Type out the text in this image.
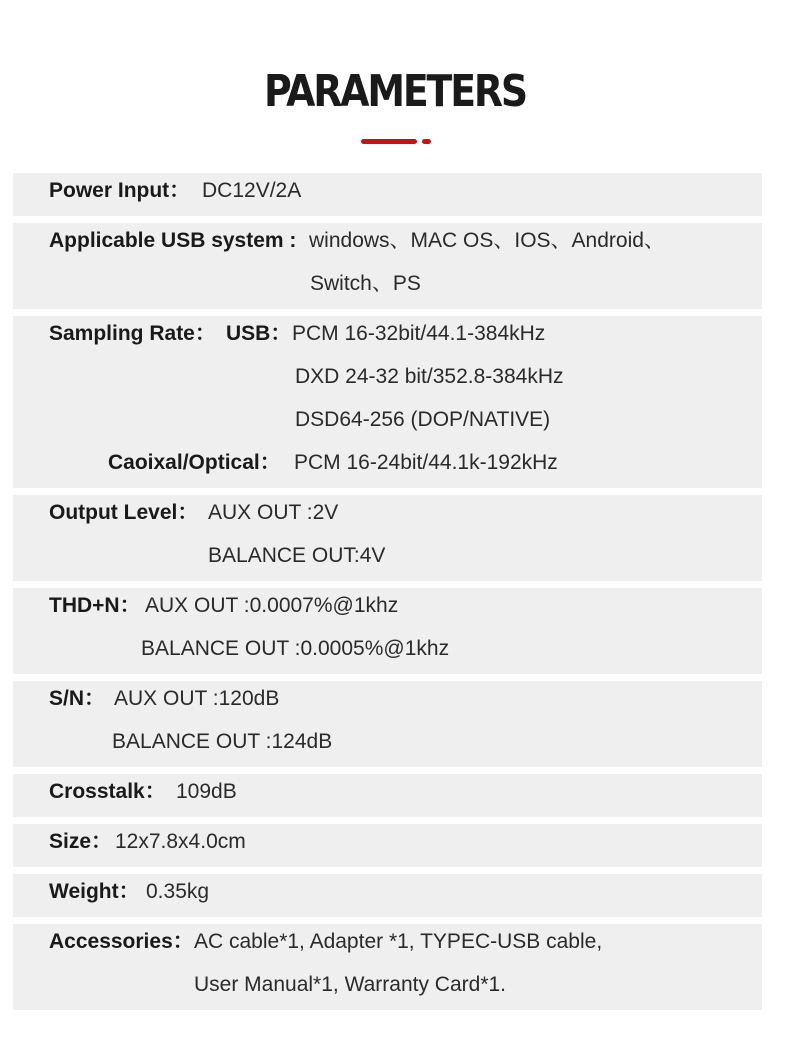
PARAMETERS
Power Input： DC12V/2A
Applicable USB system : windows、MAC OS、IOS、Android、
Switch、PS
Sampling Rate： USB： PCM 16-32bit/44.1-384kHz
DXD 24-32 bit/352.8-384kHz
DSD64-256 (DOP/NATIVE)
Caoixal/Optical： PCM 16-24bit/44.1k-192kHz
Output Level： AUX OUT :2V
BALANCE OUT:4V
THD+N： AUX OUT :0.0007%@1khz
BALANCE OUT :0.0005%@1khz
S/N： AUX OUT :120dB
BALANCE OUT :124dB
Crosstalk： 109dB
Size： 12x7.8x4.0cm
Weight： 0.35kg
Accessories： AC cable*1, Adapter *1, TYPEC-USB cable,
User Manual*1, Warranty Card*1.
